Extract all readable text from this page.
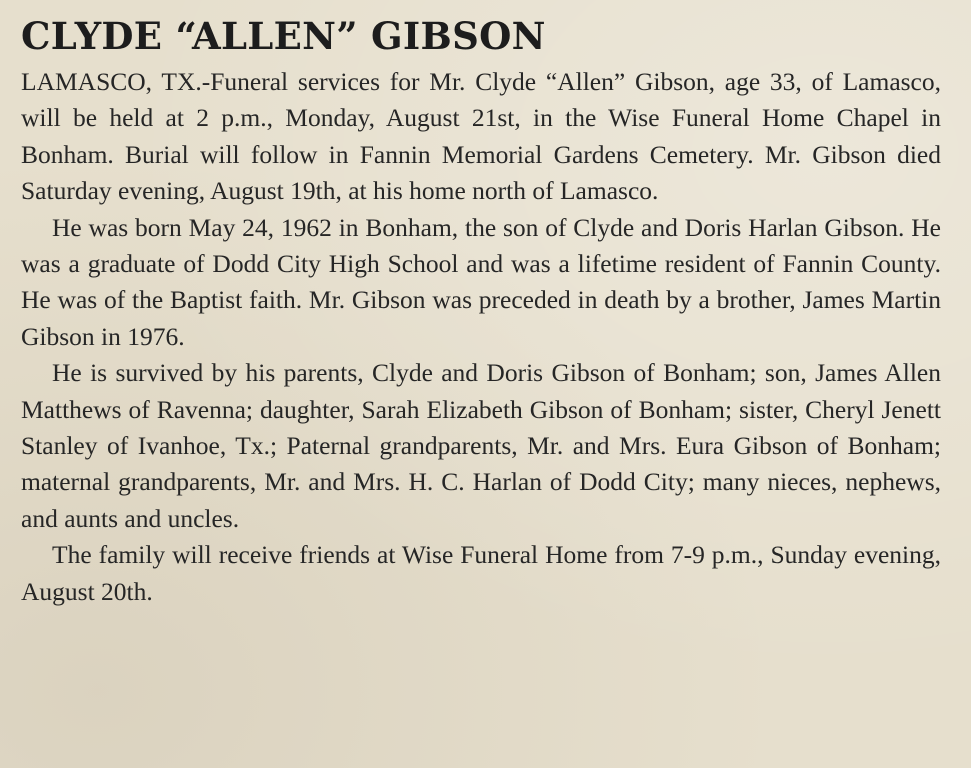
CLYDE “ALLEN” GIBSON

LAMASCO, TX.-Funeral services for Mr. Clyde “Allen” Gibson, age 33, of Lamasco, will be held at 2 p.m., Monday, August 21st, in the Wise Funeral Home Chapel in Bonham. Burial will follow in Fannin Memorial Gardens Cemetery. Mr. Gibson died Saturday evening, August 19th, at his home north of Lamasco.

He was born May 24, 1962 in Bonham, the son of Clyde and Doris Harlan Gibson. He was a graduate of Dodd City High School and was a lifetime resident of Fannin County. He was of the Baptist faith. Mr. Gibson was preceded in death by a brother, James Martin Gibson in 1976.

He is survived by his parents, Clyde and Doris Gibson of Bonham; son, James Allen Matthews of Ravenna; daughter, Sarah Elizabeth Gibson of Bonham; sister, Cheryl Jenett Stanley of Ivanhoe, Tx.; Paternal grandparents, Mr. and Mrs. Eura Gibson of Bonham; maternal grandparents, Mr. and Mrs. H. C. Harlan of Dodd City; many nieces, nephews, and aunts and uncles.

The family will receive friends at Wise Funeral Home from 7-9 p.m., Sunday evening, August 20th.
